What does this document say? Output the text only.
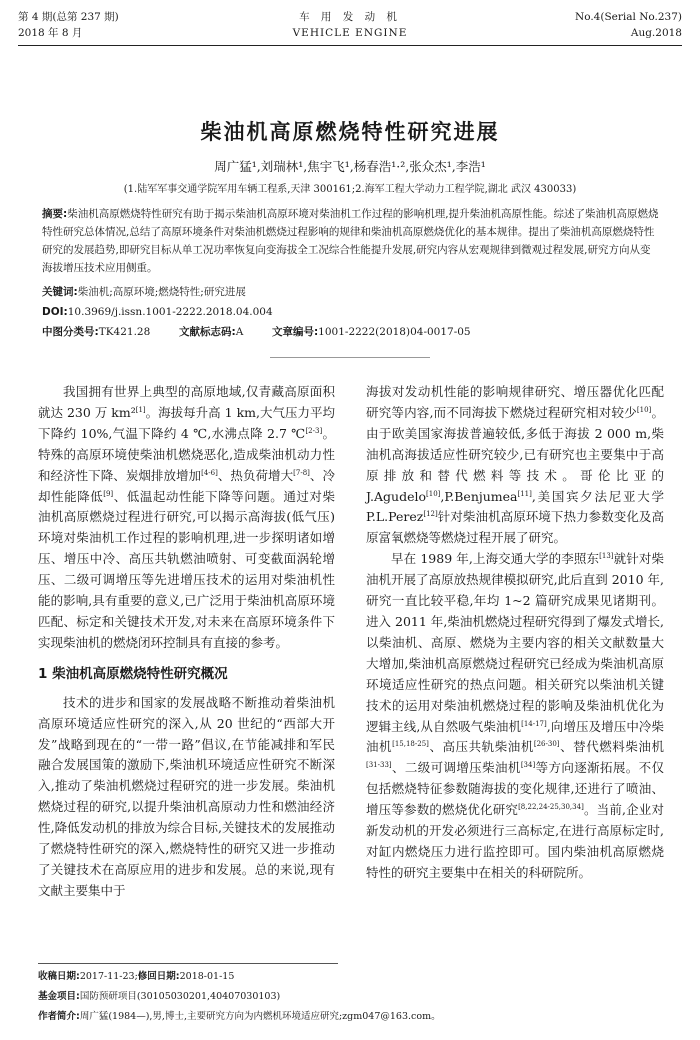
第 4 期(总第 237 期)
2018 年 8 月
车 用 发 动 机
VEHICLE ENGINE
No.4(Serial No.237)
Aug.2018
柴油机高原燃烧特性研究进展
周广猛¹,刘瑞林¹,焦宇飞¹,杨春浩¹·²,张众杰¹,李浩¹
(1.陆军军事交通学院军用车辆工程系,天津 300161;2.海军工程大学动力工程学院,湖北 武汉 430033)
摘要:柴油机高原燃烧特性研究有助于揭示柴油机高原环境对柴油机工作过程的影响机理,提升柴油机高原性能。综述了柴油机高原燃烧特性研究总体情况,总结了高原环境条件对柴油机燃烧过程影响的规律和柴油机高原燃烧优化的基本规律。提出了柴油机高原燃烧特性研究的发展趋势,即研究目标从单工况功率恢复向变海拔全工况综合性能提升发展,研究内容从宏观规律到微观过程发展,研究方向从变海拔增压技术应用侧重。
关键词:柴油机;高原环境;燃烧特性;研究进展
DOI:10.3969/j.issn.1001-2222.2018.04.004
中图分类号:TK421.28	文献标志码:A	文章编号:1001-2222(2018)04-0017-05

我国拥有世界上典型的高原地域,仅青藏高原面积就达 230 万 km²[1]。海拔每升高 1 km,大气压力平均下降约 10%,气温下降约 4 ℃,水沸点降 2.7 ℃[2-3]。特殊的高原环境使柴油机燃烧恶化,造成柴油机动力性和经济性下降、炭烟排放增加[4-6]、热负荷增大[7-8]、冷却性能降低[9]、低温起动性能下降等问题。通过对柴油机高原燃烧过程进行研究,可以揭示高海拔(低气压)环境对柴油机工作过程的影响机理,进一步探明诸如增压、增压中冷、高压共轨燃油喷射、可变截面涡轮增压、二级可调增压等先进增压技术的运用对柴油机性能的影响,具有重要的意义,已广泛用于柴油机高原环境匹配、标定和关键技术开发,对未来在高原环境条件下实现柴油机的燃烧闭环控制具有直接的参考。

1 柴油机高原燃烧特性研究概况

技术的进步和国家的发展战略不断推动着柴油机高原环境适应性研究的深入,从 20 世纪的“西部大开发”战略到现在的“一带一路”倡议,在节能减排和军民融合发展国策的激励下,柴油机环境适应性研究不断深入,推动了柴油机燃烧过程研究的进一步发展。柴油机燃烧过程的研究,以提升柴油机高原动力性和燃油经济性,降低发动机的排放为综合目标,关键技术的发展推动了燃烧特性研究的深入,燃烧特性的研究又进一步推动了关键技术在高原应用的进步和发展。总的来说,现有文献主要集中于

海拔对发动机性能的影响规律研究、增压器优化匹配研究等内容,而不同海拔下燃烧过程研究相对较少[10]。由于欧美国家海拔普遍较低,多低于海拔 2 000 m,柴油机高海拔适应性研究较少,已有研究也主要集中于高原排放和替代燃料等技术。哥伦比亚的 J.Agudelo[10],P.Benjumea[11],美国宾夕法尼亚大学 P.L.Perez[12]针对柴油机高原环境下热力参数变化及高原富氧燃烧等燃烧过程开展了研究。

早在 1989 年,上海交通大学的李照东[13]就针对柴油机开展了高原放热规律模拟研究,此后直到 2010 年,研究一直比较平稳,年均 1~2 篇研究成果见诸期刊。进入 2011 年,柴油机燃烧过程研究得到了爆发式增长,以柴油机、高原、燃烧为主要内容的相关文献数量大大增加,柴油机高原燃烧过程研究已经成为柴油机高原环境适应性研究的热点问题。相关研究以柴油机关键技术的运用对柴油机燃烧过程的影响及柴油机优化为逻辑主线,从自然吸气柴油机[14-17],向增压及增压中冷柴油机[15,18-25]、高压共轨柴油机[26-30]、替代燃料柴油机[31-33]、二级可调增压柴油机[34]等方向逐渐拓展。不仅包括燃烧特征参数随海拔的变化规律,还进行了喷油、增压等参数的燃烧优化研究[8,22,24-25,30,34]。当前,企业对新发动机的开发必须进行三高标定,在进行高原标定时,对缸内燃烧压力进行监控即可。国内柴油机高原燃烧特性的研究主要集中在相关的科研院所。

收稿日期:2017-11-23;修回日期:2018-01-15
基金项目:国防预研项目(30105030201,40407030103)
作者简介:周广猛(1984—),男,博士,主要研究方向为内燃机环境适应研究;zgm047@163.com。
